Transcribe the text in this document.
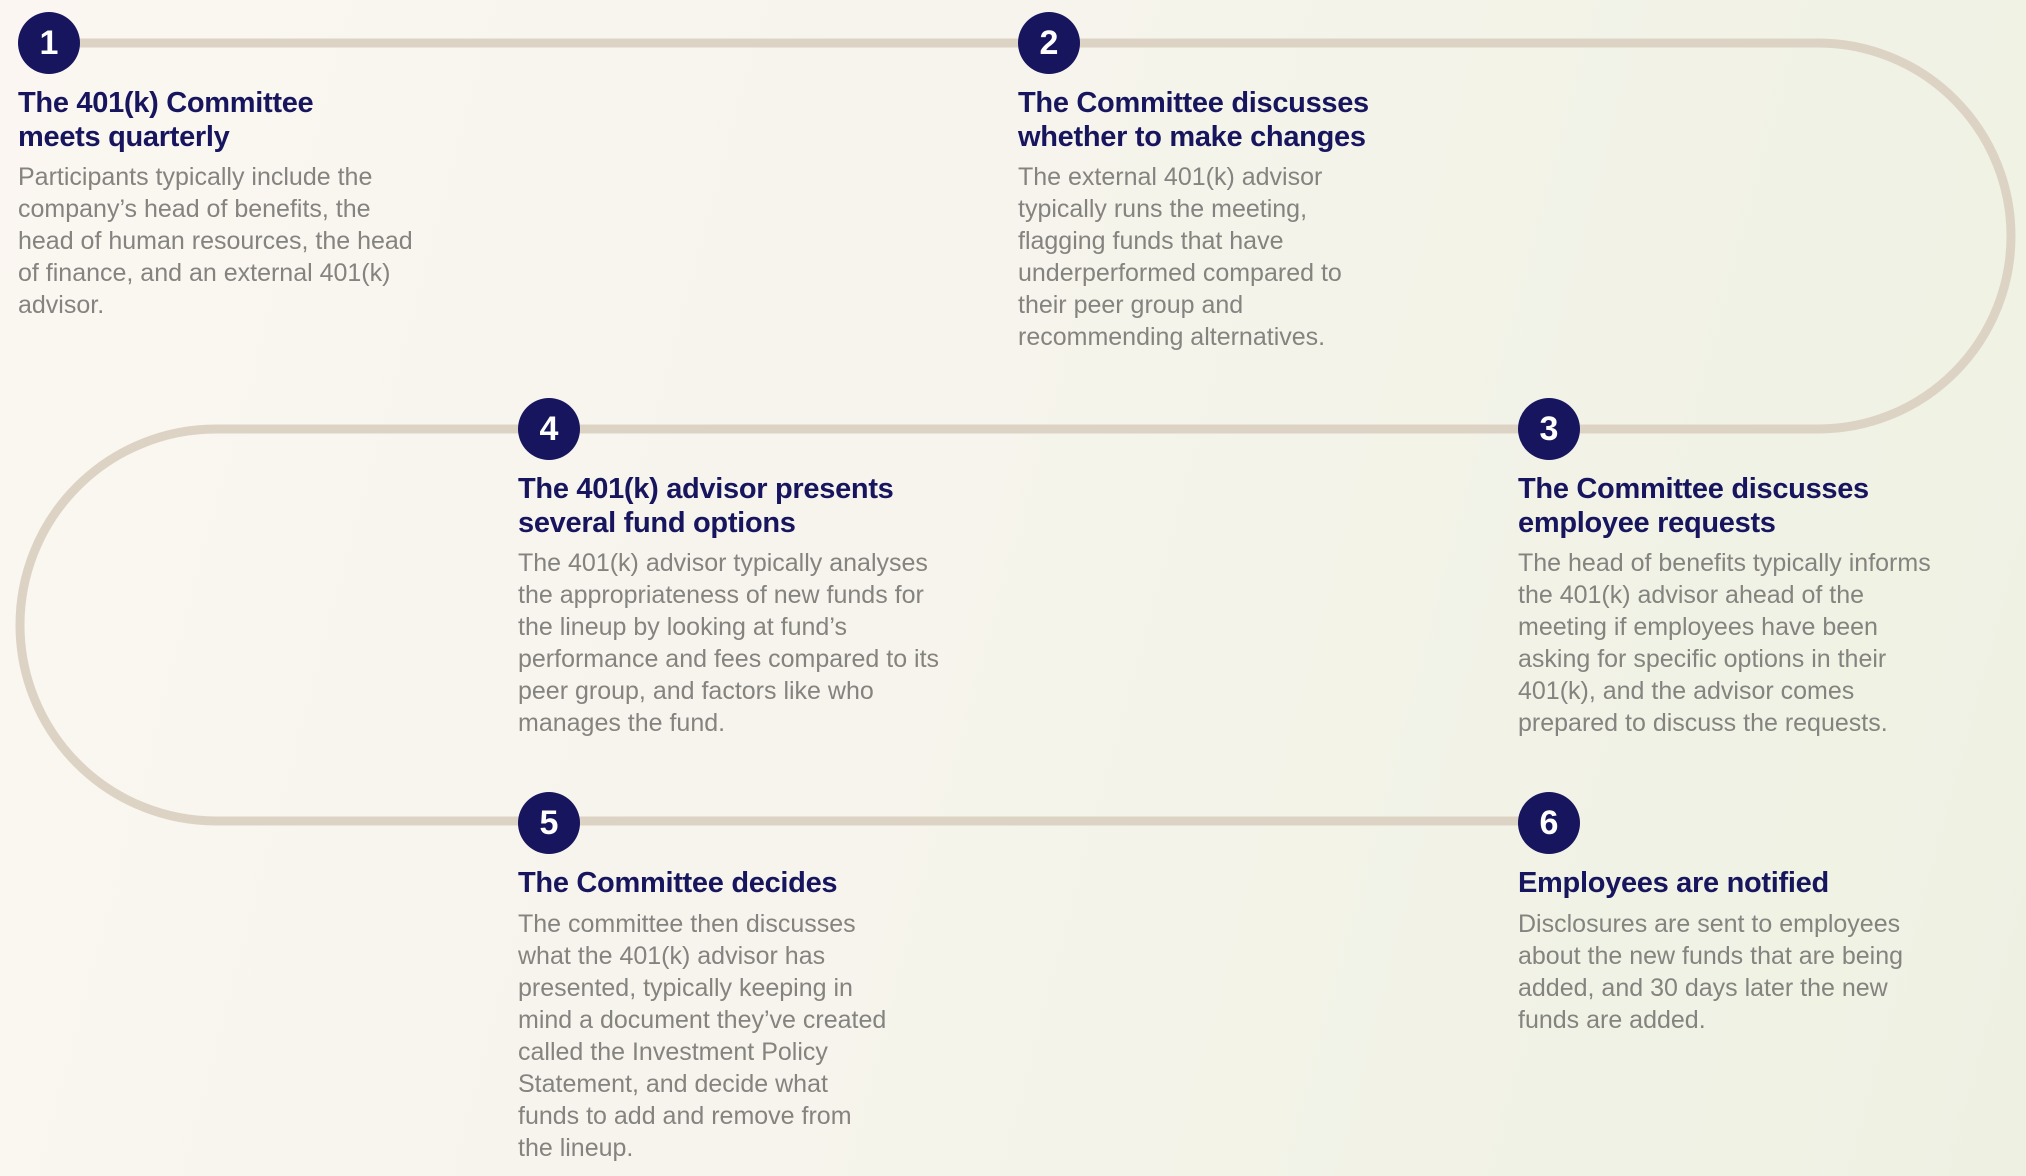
1
The 401(k) Committee meets quarterly

Participants typically include the company’s head of benefits, the head of human resources, the head of finance, and an external 401(k) advisor.

2
The Committee discusses whether to make changes

The external 401(k) advisor typically runs the meeting, flagging funds that have underperformed compared to their peer group and recommending alternatives.

3
The Committee discusses employee requests

The head of benefits typically informs the 401(k) advisor ahead of the meeting if employees have been asking for specific options in their 401(k), and the advisor comes prepared to discuss the requests.

4
The 401(k) advisor presents several fund options

The 401(k) advisor typically analyses the appropriateness of new funds for the lineup by looking at fund’s performance and fees compared to its peer group, and factors like who manages the fund.

5
The Committee decides

The committee then discusses what the 401(k) advisor has presented, typically keeping in mind a document they’ve created called the Investment Policy Statement, and decide what funds to add and remove from the lineup.

6
Employees are notified

Disclosures are sent to employees about the new funds that are being added, and 30 days later the new funds are added.
